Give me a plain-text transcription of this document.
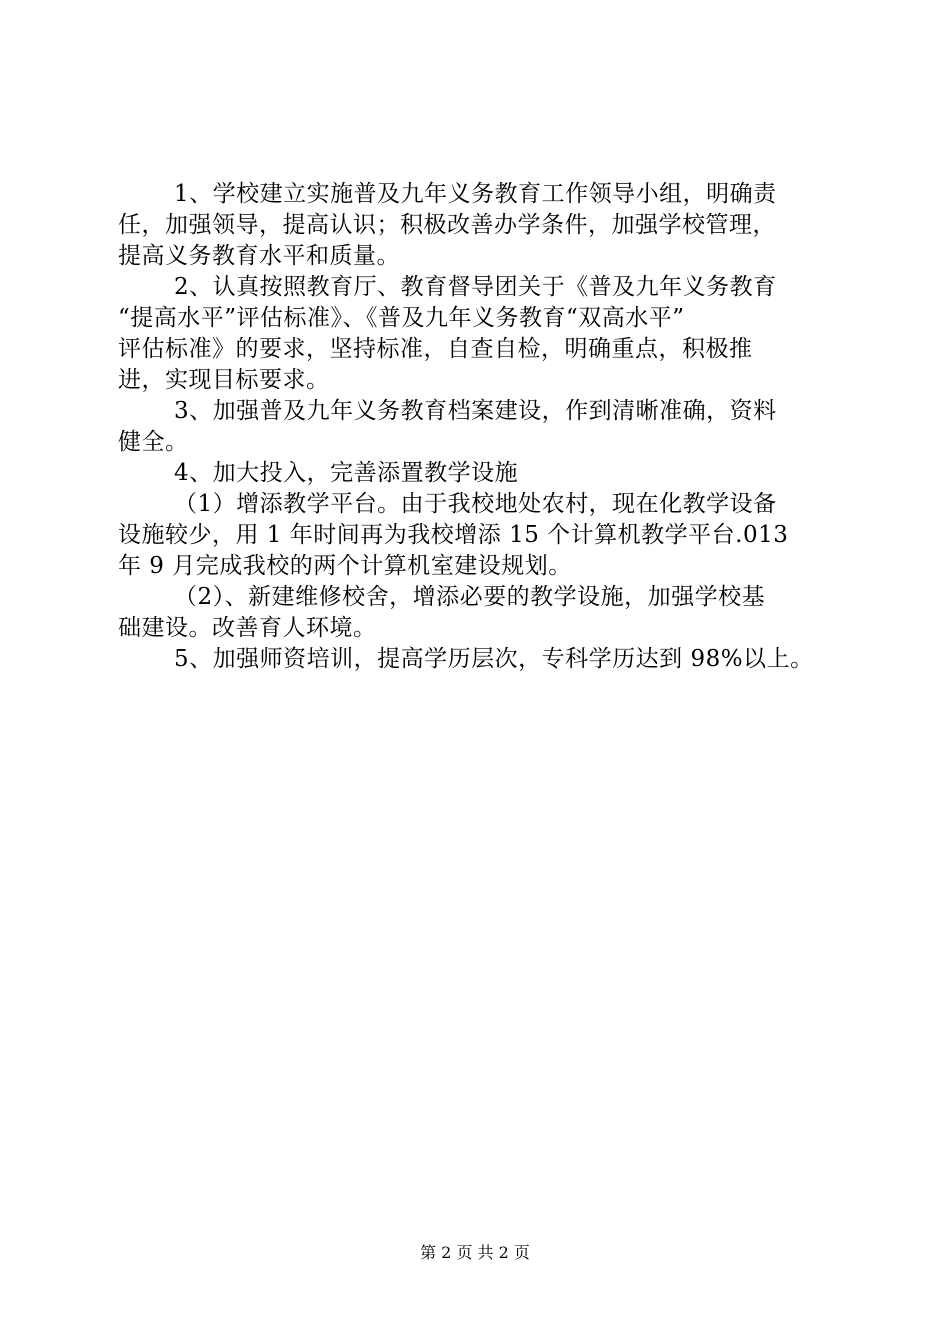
1、学校建立实施普及九年义务教育工作领导小组，明确责
任，加强领导，提高认识；积极改善办学条件，加强学校管理，
提高义务教育水平和质量。
2、认真按照教育厅、教育督导团关于《普及九年义务教育
“提高水平”评估标准》、《普及九年义务教育“双高水平”
评估标准》的要求，坚持标准，自查自检，明确重点，积极推
进，实现目标要求。
3、加强普及九年义务教育档案建设，作到清晰准确，资料
健全。
4、加大投入，完善添置教学设施
（1）增添教学平台。由于我校地处农村，现在化教学设备
设施较少，用 1 年时间再为我校增添 15 个计算机教学平台.013
年 9 月完成我校的两个计算机室建设规划。
（2）、新建维修校舍，增添必要的教学设施，加强学校基
础建设。改善育人环境。
5、加强师资培训，提高学历层次，专科学历达到 98%以上。
第 2 页 共 2 页
